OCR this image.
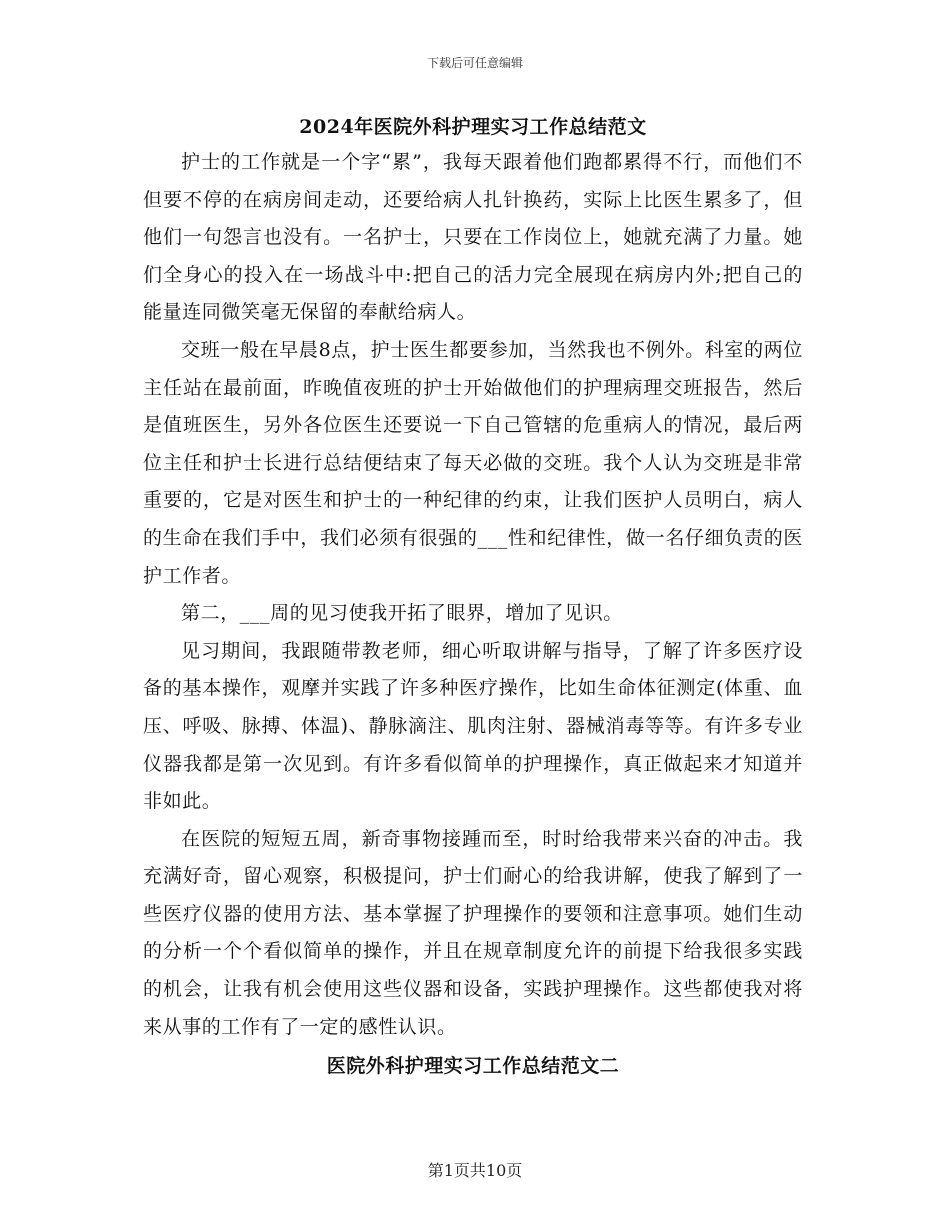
下载后可任意编辑
2024年医院外科护理实习工作总结范文

护士的工作就是一个字“累”，我每天跟着他们跑都累得不行，而他们不但要不停的在病房间走动，还要给病人扎针换药，实际上比医生累多了，但他们一句怨言也没有。一名护士，只要在工作岗位上，她就充满了力量。她们全身心的投入在一场战斗中:把自己的活力完全展现在病房内外;把自己的能量连同微笑毫无保留的奉献给病人。

交班一般在早晨8点，护士医生都要参加，当然我也不例外。科室的两位主任站在最前面，昨晚值夜班的护士开始做他们的护理病理交班报告，然后是值班医生，另外各位医生还要说一下自己管辖的危重病人的情况，最后两位主任和护士长进行总结便结束了每天必做的交班。我个人认为交班是非常重要的，它是对医生和护士的一种纪律的约束，让我们医护人员明白，病人的生命在我们手中，我们必须有很强的___性和纪律性，做一名仔细负责的医护工作者。

第二，___周的见习使我开拓了眼界，增加了见识。

见习期间，我跟随带教老师，细心听取讲解与指导，了解了许多医疗设备的基本操作，观摩并实践了许多种医疗操作，比如生命体征测定(体重、血压、呼吸、脉搏、体温)、静脉滴注、肌肉注射、器械消毒等等。有许多专业仪器我都是第一次见到。有许多看似简单的护理操作，真正做起来才知道并非如此。

在医院的短短五周，新奇事物接踵而至，时时给我带来兴奋的冲击。我充满好奇，留心观察，积极提问，护士们耐心的给我讲解，使我了解到了一些医疗仪器的使用方法、基本掌握了护理操作的要领和注意事项。她们生动的分析一个个看似简单的操作，并且在规章制度允许的前提下给我很多实践的机会，让我有机会使用这些仪器和设备，实践护理操作。这些都使我对将来从事的工作有了一定的感性认识。

医院外科护理实习工作总结范文二
第1页共10页
